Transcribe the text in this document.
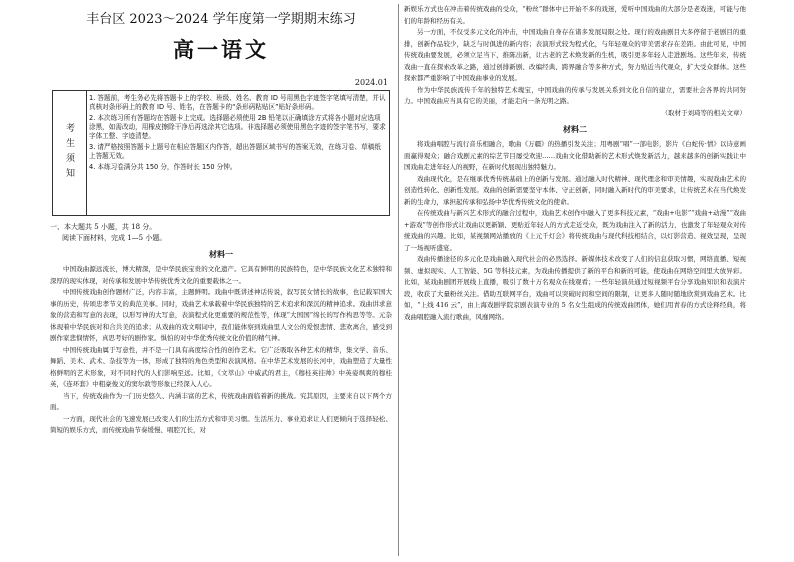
丰台区 2023～2024 学年度第一学期期末练习
高一语文
2024.01
考生须知
1. 答题前，考生务必先将答题卡上的学校、班级、姓名、教育 ID 号用黑色字迹签字笔填写清楚，并认真核对条形码上的教育 ID 号、姓名，在答题卡的“条形码粘贴区”贴好条形码。
2. 本次练习所有答题均在答题卡上完成。选择题必须使用 2B 铅笔以正确填涂方式将各小题对应选项涂黑，如需改动，用橡皮擦除干净后再选涂其它选项。非选择题必须使用黑色字迹的签字笔书写，要求字体工整、字迹清楚。
3. 请严格按照答题卡上题号在相应答题区内作答，超出答题区域书写的答案无效，在练习卷、草稿纸上答题无效。
4. 本练习卷满分共 150 分，作答时长 150 分钟。

一、本大题共 5 小题，共 18 分。

阅读下面材料，完成 1—5 小题。

材料一

中国戏曲源远流长，博大精深，是中华民族宝贵的文化遗产。它具有鲜明的民族特色，是中华民族文化艺术独特和深厚的现实体现，对传承和发展中华传统优秀文化的重要载体之一。

中国传统戏曲创作题材广泛，内容丰富，主题鲜明。戏曲中既讲述神话传说，叙写民女情长的故事，也记载军国大事的历史，传颂忠孝节义的典范美事。同时，戏曲艺术承载着中华民族独特的艺术追求和深沉的精神追求。戏曲讲求意象的营造和写意的表现，以形写神的大写意，表演程式化更重要的规范性等，体现“大国国”绵长的写作构思等等。元杂体现着中华民族对和合共美的追求；从戏曲的戏文唱词中，我们能体察到戏曲里人文公的爱恨悲情、悲欢离合，感受到剧作家悲悯情怀，真思考好的剧作家。惧怕的对中华优秀传统文化价值的精气神。

中国传统戏曲属于写意性，并不是一门具有高度综合性的创作艺术。它广泛吸取各种艺术的精华，集文学、音乐、舞蹈、美术、武术、杂技等为一体，形成了独特的角色类型和表演风格。在中华艺术发展的长河中，戏曲塑造了大量性格鲜明的艺术形象，对不同时代的人们影响至远。比如，《文萃山》中威武的君主，《穆桂英挂帅》中英姿飒爽的穆桂英，《连环套》中粗豪俊义的窦尔敦等形象已经深入人心。

当下，传统戏曲作为一门历史悠久、内涵丰富的艺术，传统戏曲面临着新的挑战。究其原因，主要来自以下两个方面。

一方面，现代社会的飞速发展已改变人们的生活方式和审美习惯。生活压力、事业追求让人们更倾向于选择轻松、简短的娱乐方式，而传统戏曲节奏缓慢、唱腔冗长，对

新娱乐方式也在冲击着传统戏曲的受众，“粉丝”群体中已开始不多的戏迷，爱听中国戏曲的大部分是老戏迷，可能与他们的年龄和经历有关。

另一方面，不仅受多元文化的冲击，中国戏曲自身存在诸多发展局限之处。现行的戏曲剧目大多停留于老剧目的重排，创新作品较少，缺乏与时俱进的新内容；表演形式较为程式化，与年轻观众的审美需求存在差距。由此可见，中国传统戏曲要发展，必须立足当下，推陈出新，让古老的艺术焕发新的生机，吸引更多年轻人走进剧场。这些年来，传统戏曲一直在探索改革之路，通过创排新剧、改编经典、跨界融合等多种方式，努力贴近当代观众，扩大受众群体。这些探索都严重影响了中国戏曲事业的发展。

作为中华民族流传千年的独特艺术瑰宝，中国戏曲的传承与发展关系到文化自信的建立，需要社会各界的共同努力。中国戏曲应当具有它的美丽，才能走向一条光明之路。

（取材于刘琦等的相关文章）

材料二

将戏曲唱腔与流行音乐相融合，歌曲《万疆》的热播引发关注；用粤剧“唱”一部电影，影片《白蛇传·情》以诗意画面赢得观众；融合戏剧元素的综艺节目屡受欢迎……戏曲文化借助新的艺术形式焕发新活力，越来越多的创新实践让中国戏曲走进年轻人的视野，在新时代展现出独特魅力。

戏曲现代化，是在继承优秀传统基础上的创新与发展。通过融入时代精神、现代理念和审美情趣，实现戏曲艺术的创造性转化、创新性发展。戏曲的创新需要坚守本体、守正创新，同时融入新时代的审美要求，让传统艺术在当代焕发新的生命力，承担起传承和弘扬中华优秀传统文化的使命。

在传统戏曲与新兴艺术形式的融合过程中，戏曲艺术创作中融入了更多科技元素，“戏曲+电影”“戏曲+动漫”“戏曲+游戏”等创作形式让戏曲以更新颖、更贴近年轻人的方式走近受众，既为戏曲注入了新的活力，也激发了年轻观众对传统戏曲的兴趣。比如，某视频网站播放的《上元千灯会》将传统戏曲与现代科技相结合，以灯影营造、视效呈现，呈现了一场视听盛宴。

戏曲传播途径的多元化是戏曲融入现代社会的必然选择。新媒体技术改变了人们的信息获取习惯，网络直播、短视频、虚拟现实、人工智能、5G 等科技元素，为戏曲传播提供了新的平台和新的可能，使戏曲在网络空间里大放异彩。比如，某戏曲剧团开展线上直播，吸引了数十万名观众在线观看；一些年轻演员通过短视频平台分享戏曲知识和表演片段，收获了大量粉丝关注。借助互联网平台，戏曲可以突破时间和空间的限制，让更多人随时随地欣赏到戏曲艺术。比如，“上线 416 云”，由上海戏剧学院京剧表演专业的 5 名女生组成的传统戏曲团体，她们用青春的方式诠释经典，将戏曲唱腔融入流行歌曲，风靡网络。
